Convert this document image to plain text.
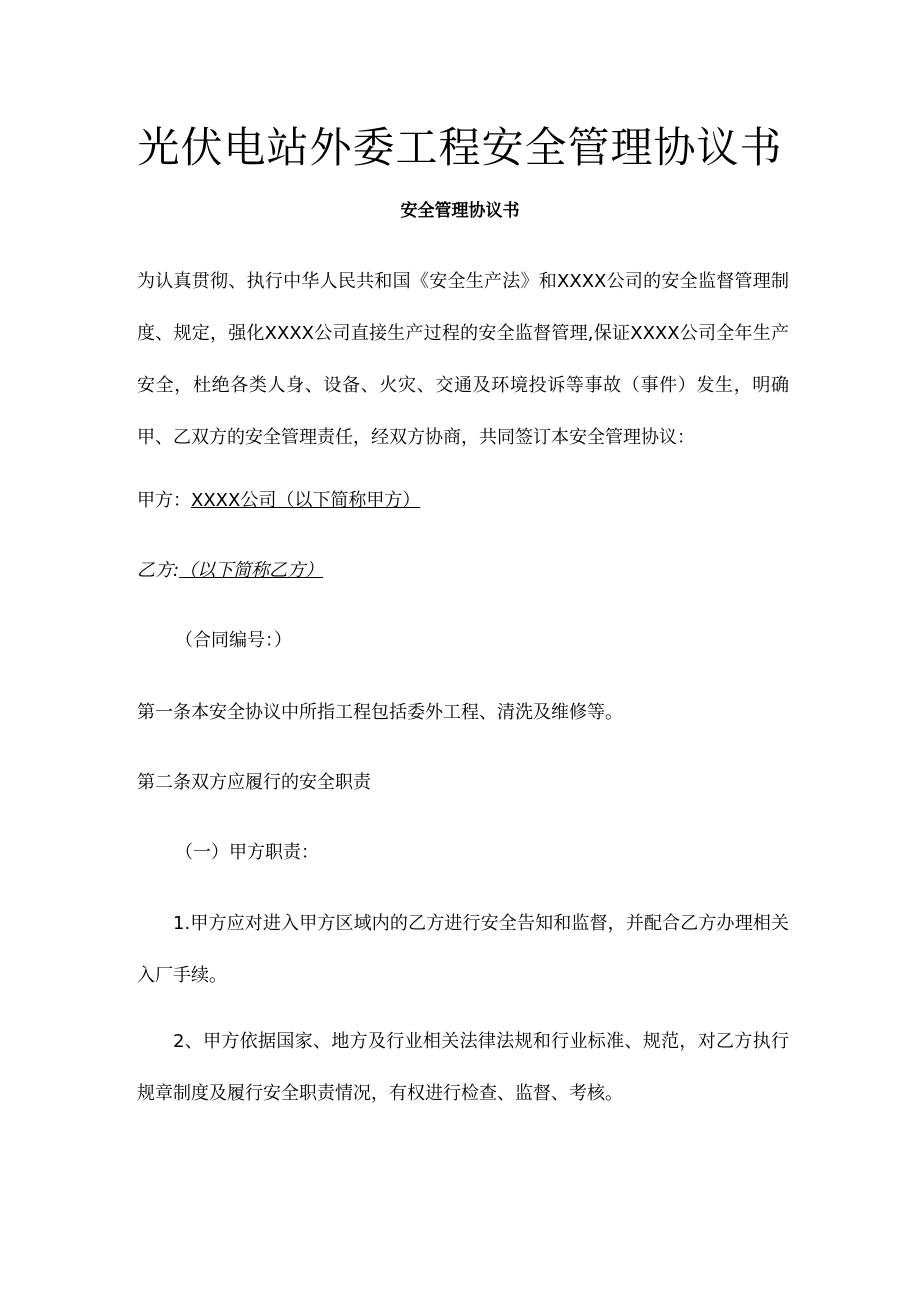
光伏电站外委工程安全管理协议书
安全管理协议书

为认真贯彻、执行中华人民共和国《安全生产法》和XXXX公司的安全监督管理制度、规定，强化XXXX公司直接生产过程的安全监督管理,保证XXXX公司全年生产安全，杜绝各类人身、设备、火灾、交通及环境投诉等事故（事件）发生，明确甲、乙双方的安全管理责任，经双方协商，共同签订本安全管理协议：

甲方：XXXX公司（以下简称甲方）

乙方:（以下简称乙方）

（合同编号：）

第一条本安全协议中所指工程包括委外工程、清洗及维修等。

第二条双方应履行的安全职责

（一）甲方职责：

1.甲方应对进入甲方区域内的乙方进行安全告知和监督，并配合乙方办理相关入厂手续。

2、甲方依据国家、地方及行业相关法律法规和行业标准、规范，对乙方执行规章制度及履行安全职责情况，有权进行检查、监督、考核。
